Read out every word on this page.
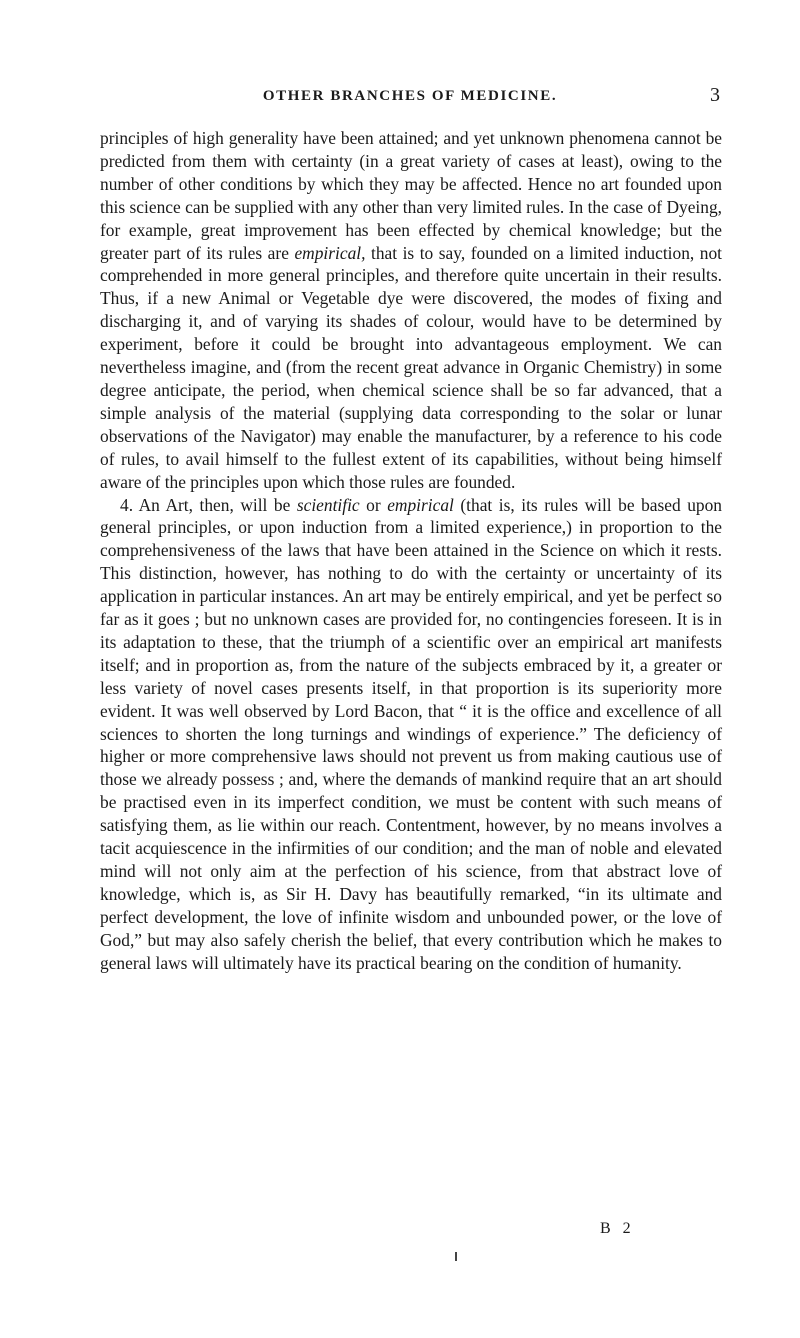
OTHER BRANCHES OF MEDICINE.	3

principles of high generality have been attained; and yet unknown phenomena cannot be predicted from them with certainty (in a great variety of cases at least), owing to the number of other conditions by which they may be affected. Hence no art founded upon this science can be supplied with any other than very limited rules. In the case of Dyeing, for example, great improvement has been effected by chemical knowledge; but the greater part of its rules are empirical, that is to say, founded on a limited induction, not comprehended in more general principles, and therefore quite uncertain in their results. Thus, if a new Animal or Vegetable dye were discovered, the modes of fixing and discharging it, and of varying its shades of colour, would have to be determined by experiment, before it could be brought into advantageous employment. We can nevertheless imagine, and (from the recent great advance in Organic Chemistry) in some degree anticipate, the period, when chemical science shall be so far advanced, that a simple analysis of the material (supplying data corresponding to the solar or lunar observations of the Navigator) may enable the manufacturer, by a reference to his code of rules, to avail himself to the fullest extent of its capabilities, without being himself aware of the principles upon which those rules are founded.

4. An Art, then, will be scientific or empirical (that is, its rules will be based upon general principles, or upon induction from a limited experience,) in proportion to the comprehensiveness of the laws that have been attained in the Science on which it rests. This distinction, however, has nothing to do with the certainty or uncertainty of its application in particular instances. An art may be entirely empirical, and yet be perfect so far as it goes ; but no unknown cases are provided for, no contingencies foreseen. It is in its adaptation to these, that the triumph of a scientific over an empirical art manifests itself; and in proportion as, from the nature of the subjects embraced by it, a greater or less variety of novel cases presents itself, in that proportion is its superiority more evident. It was well observed by Lord Bacon, that “ it is the office and excellence of all sciences to shorten the long turnings and windings of experience.” The deficiency of higher or more comprehensive laws should not prevent us from making cautious use of those we already possess ; and, where the demands of mankind require that an art should be practised even in its imperfect condition, we must be content with such means of satisfying them, as lie within our reach. Contentment, however, by no means involves a tacit acquiescence in the infirmities of our condition; and the man of noble and elevated mind will not only aim at the perfection of his science, from that abstract love of knowledge, which is, as Sir H. Davy has beautifully remarked, “in its ultimate and perfect development, the love of infinite wisdom and unbounded power, or the love of God,” but may also safely cherish the belief, that every contribution which he makes to general laws will ultimately have its practical bearing on the condition of humanity.

B 2
